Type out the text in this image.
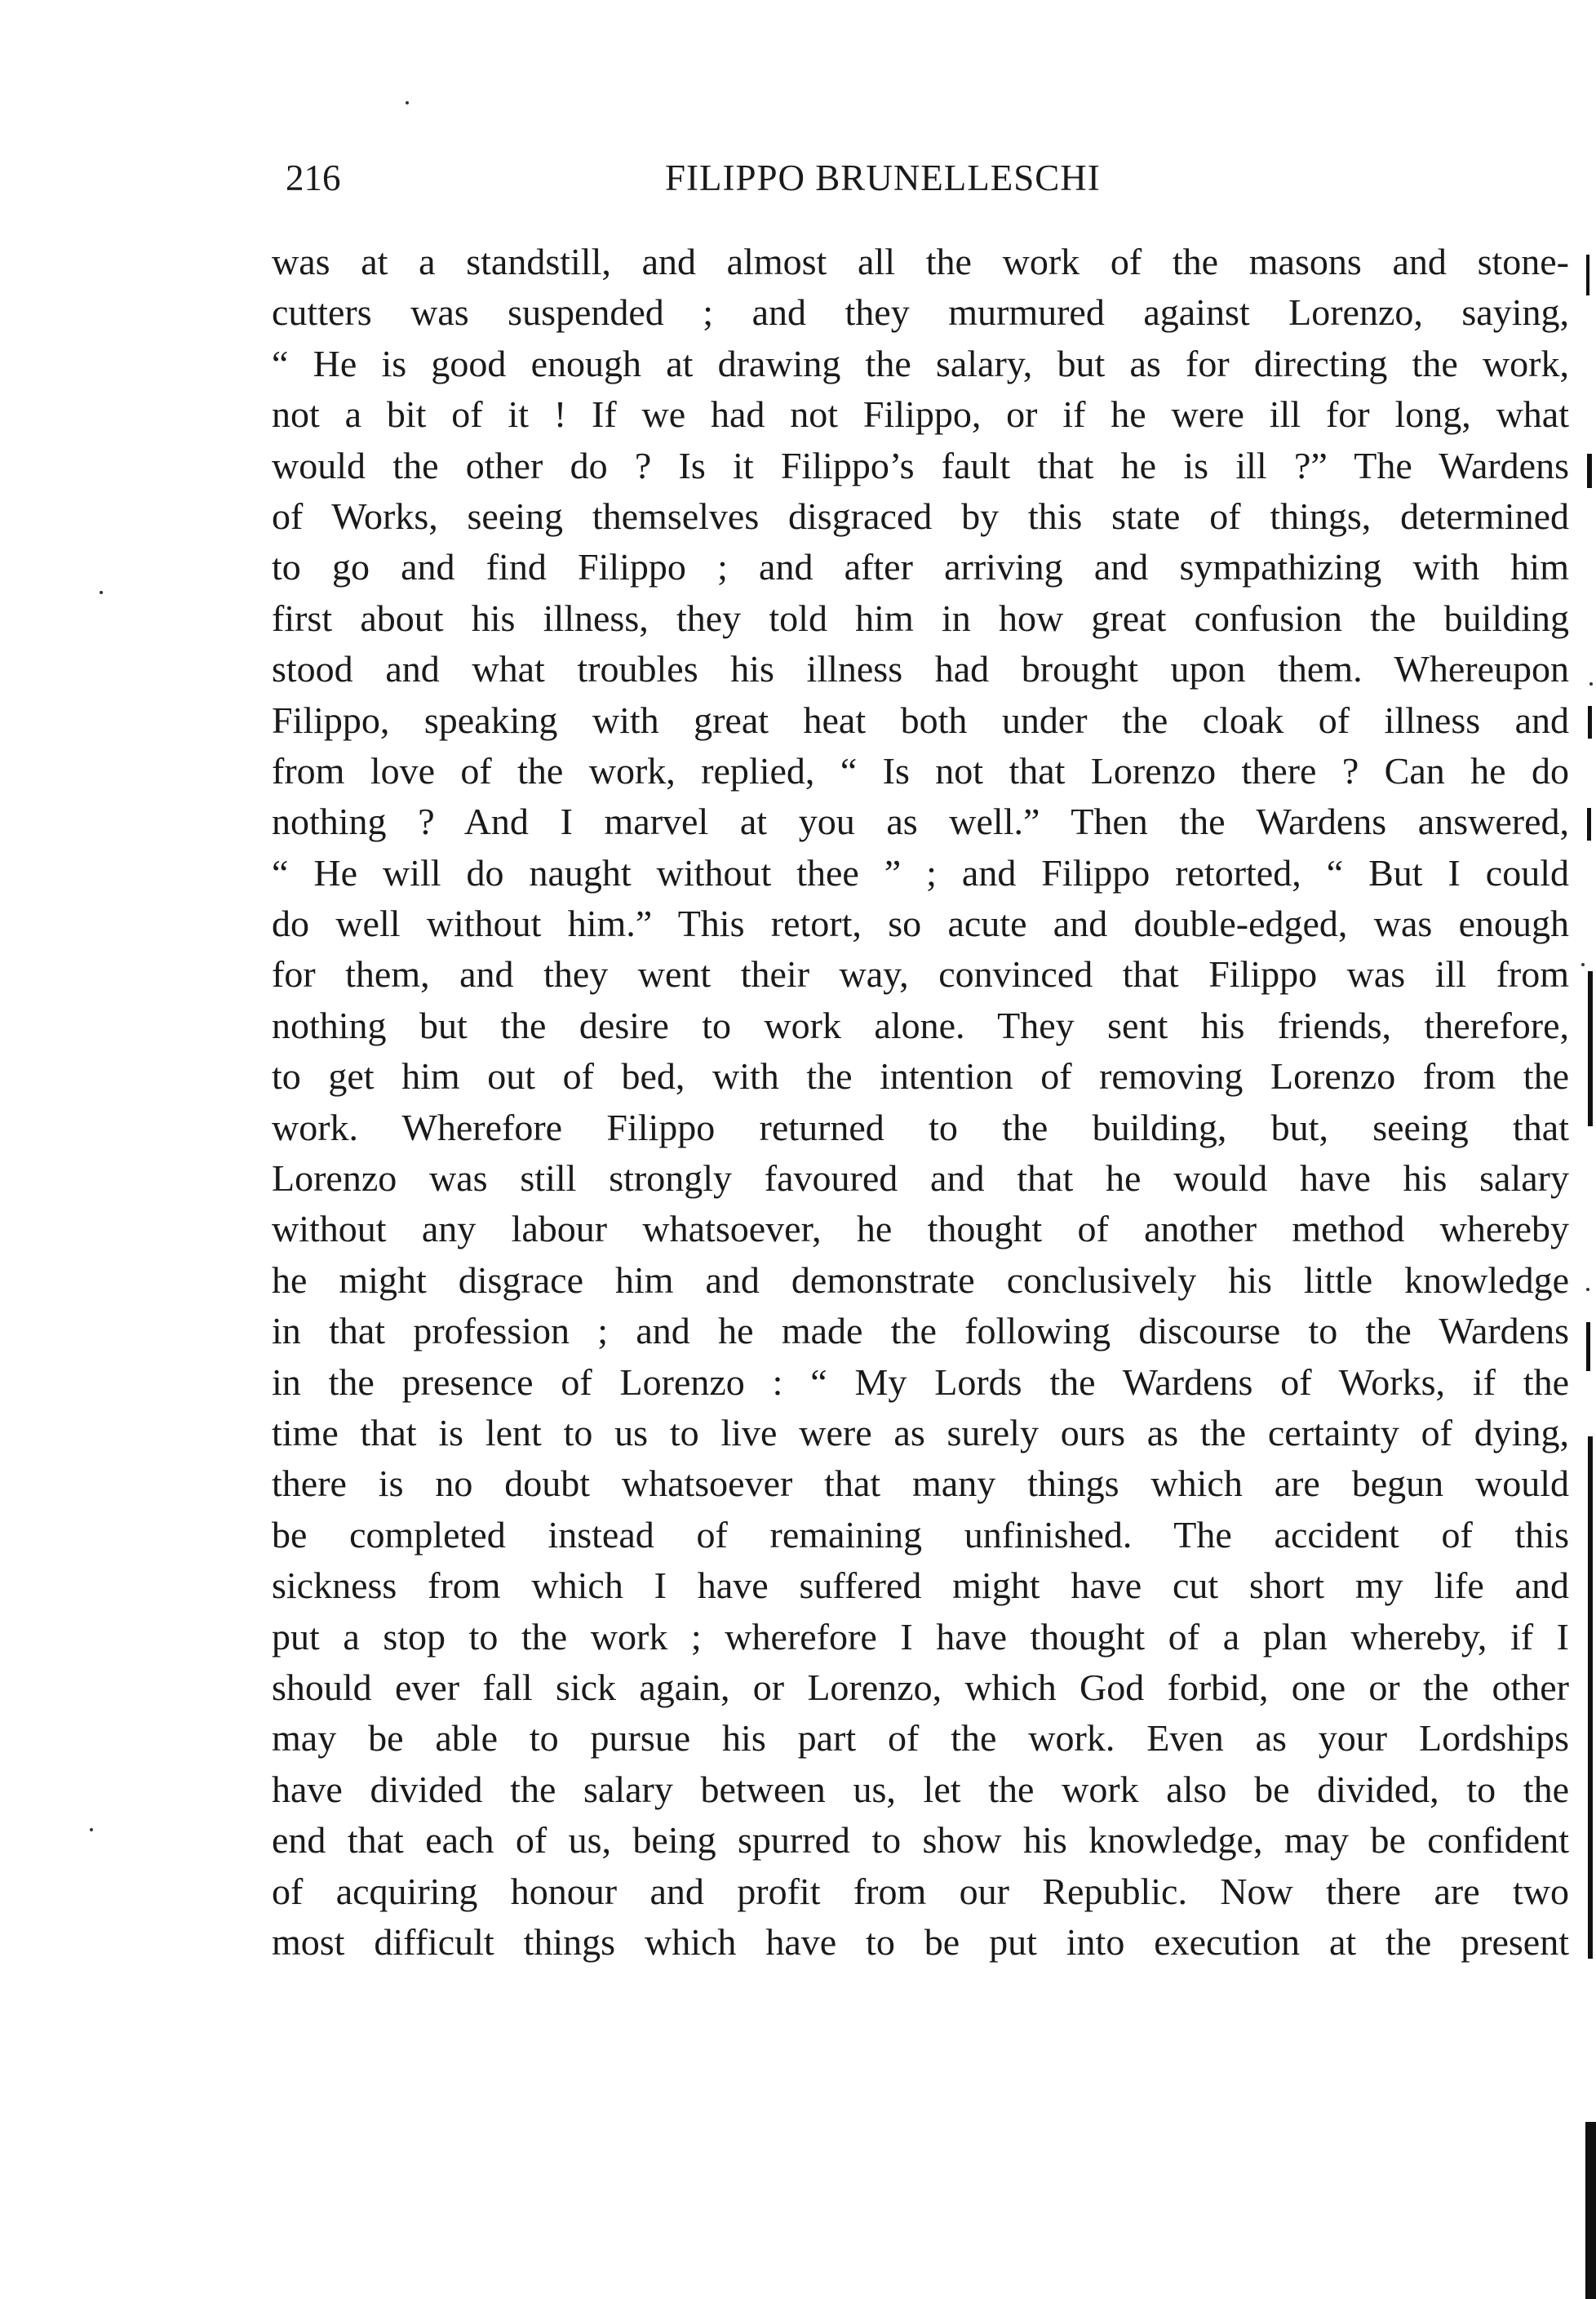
216	FILIPPO BRUNELLESCHI
was at a standstill, and almost all the work of the masons and stone-
cutters was suspended ; and they murmured against Lorenzo, saying,
“ He is good enough at drawing the salary, but as for directing the work,
not a bit of it ! If we had not Filippo, or if he were ill for long, what
would the other do ? Is it Filippo’s fault that he is ill ?” The Wardens
of Works, seeing themselves disgraced by this state of things, determined
to go and find Filippo ; and after arriving and sympathizing with him
first about his illness, they told him in how great confusion the building
stood and what troubles his illness had brought upon them. Whereupon
Filippo, speaking with great heat both under the cloak of illness and
from love of the work, replied, “ Is not that Lorenzo there ? Can he do
nothing ? And I marvel at you as well.” Then the Wardens answered,
“ He will do naught without thee ” ; and Filippo retorted, “ But I could
do well without him.” This retort, so acute and double-edged, was enough
for them, and they went their way, convinced that Filippo was ill from
nothing but the desire to work alone. They sent his friends, therefore,
to get him out of bed, with the intention of removing Lorenzo from the
work. Wherefore Filippo returned to the building, but, seeing that
Lorenzo was still strongly favoured and that he would have his salary
without any labour whatsoever, he thought of another method whereby
he might disgrace him and demonstrate conclusively his little knowledge
in that profession ; and he made the following discourse to the Wardens
in the presence of Lorenzo : “ My Lords the Wardens of Works, if the
time that is lent to us to live were as surely ours as the certainty of dying,
there is no doubt whatsoever that many things which are begun would
be completed instead of remaining unfinished. The accident of this
sickness from which I have suffered might have cut short my life and
put a stop to the work ; wherefore I have thought of a plan whereby, if I
should ever fall sick again, or Lorenzo, which God forbid, one or the other
may be able to pursue his part of the work. Even as your Lordships
have divided the salary between us, let the work also be divided, to the
end that each of us, being spurred to show his knowledge, may be confident
of acquiring honour and profit from our Republic. Now there are two
most difficult things which have to be put into execution at the present
